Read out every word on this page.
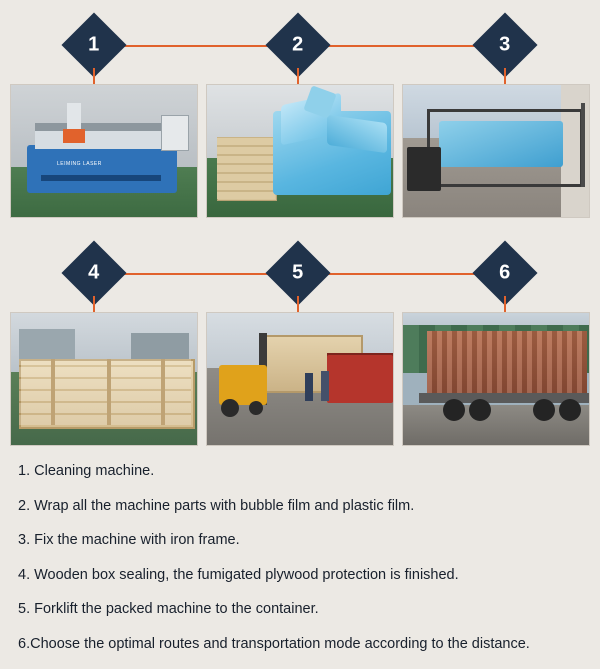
1	2	3
LEIMING LASER
4	5	6
1. Cleaning machine.
2. Wrap all the machine parts with bubble film and plastic film.
3. Fix the machine with iron frame.
4. Wooden box sealing, the fumigated plywood protection is finished.
5. Forklift the packed machine to the container.
6.Choose the optimal routes and transportation mode according to the distance.
